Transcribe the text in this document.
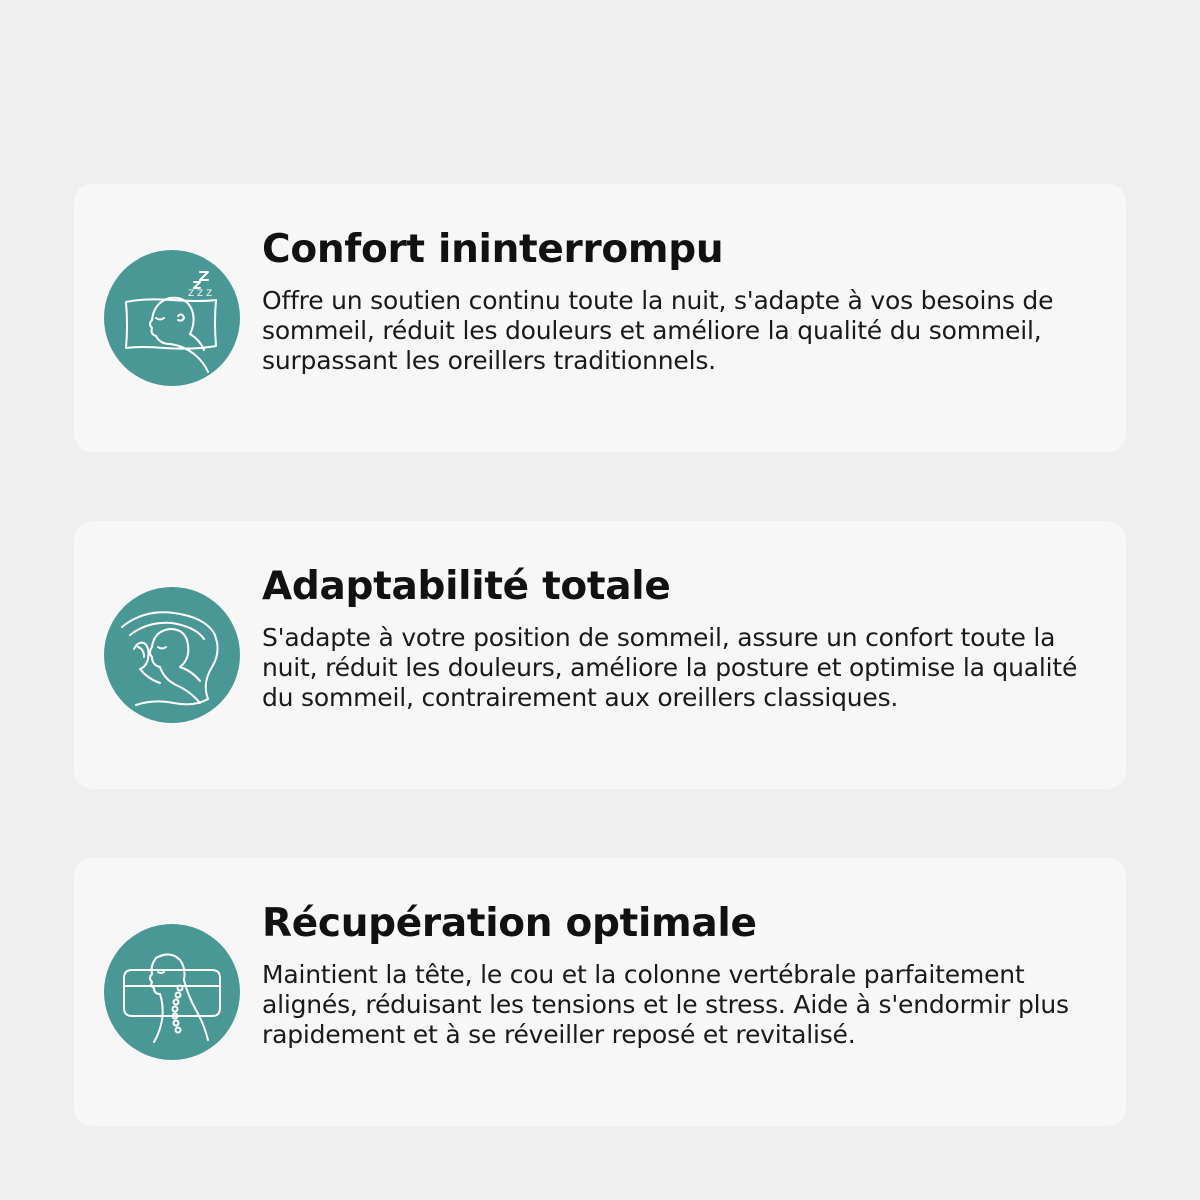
Z Z Z
Confort ininterrompu

Offre un soutien continu toute la nuit, s'adapte à vos besoins de sommeil, réduit les douleurs et améliore la qualité du sommeil, surpassant les oreillers traditionnels.

Adaptabilité totale

S'adapte à votre position de sommeil, assure un confort toute la nuit, réduit les douleurs, améliore la posture et optimise la qualité du sommeil, contrairement aux oreillers classiques.

Récupération optimale

Maintient la tête, le cou et la colonne vertébrale parfaitement alignés, réduisant les tensions et le stress. Aide à s'endormir plus rapidement et à se réveiller reposé et revitalisé.
